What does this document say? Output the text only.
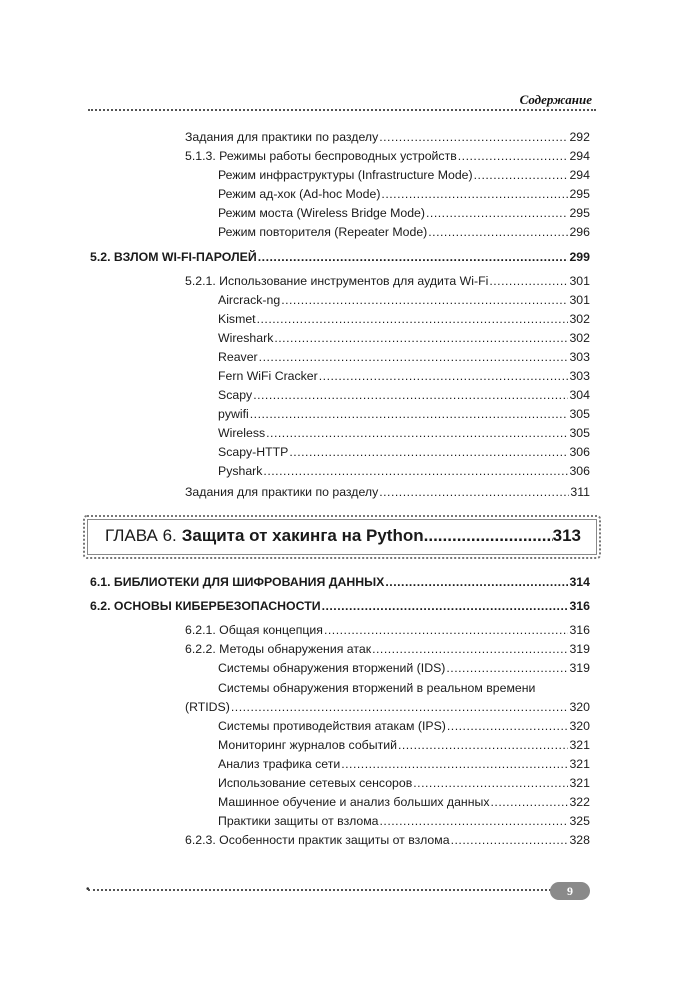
Содержание
Задания для практики по разделу .....	292
5.1.3. Режимы работы беспроводных устройств .....	294
Режим инфраструктуры (Infrastructure Mode) .....	294
Режим ад-хок (Ad-hoc Mode) .....	295
Режим моста (Wireless Bridge Mode) .....	295
Режим повторителя (Repeater Mode) .....	296
5.2. ВЗЛОМ WI-FI-ПАРОЛЕЙ .....	299
5.2.1. Использование инструментов для аудита Wi-Fi .....	301
Aircrack-ng .....	301
Kismet .....	302
Wireshark .....	302
Reaver .....	303
Fern WiFi Cracker .....	303
Scapy .....	304
pywifi .....	305
Wireless .....	305
Scapy-HTTP .....	306
Pyshark .....	306
Задания для практики по разделу .....	311
6.1. БИБЛИОТЕКИ ДЛЯ ШИФРОВАНИЯ ДАННЫХ .....	314
6.2. ОСНОВЫ КИБЕРБЕЗОПАСНОСТИ .....	316
6.2.1. Общая концепция .....	316
6.2.2. Методы обнаружения атак .....	319
Системы обнаружения вторжений (IDS) .....	319
Системы обнаружения вторжений в реальном времени
(RTIDS) .....	320
Системы противодействия атакам (IPS) .....	320
Мониторинг журналов событий .....	321
Анализ трафика сети .....	321
Использование сетевых сенсоров .....	321
Машинное обучение и анализ больших данных .....	322
Практики защиты от взлома .....	325
6.2.3. Особенности практик защиты от взлома .....	328
ГЛАВА 6. Защита от хакинга на Python .....	313
•	9
